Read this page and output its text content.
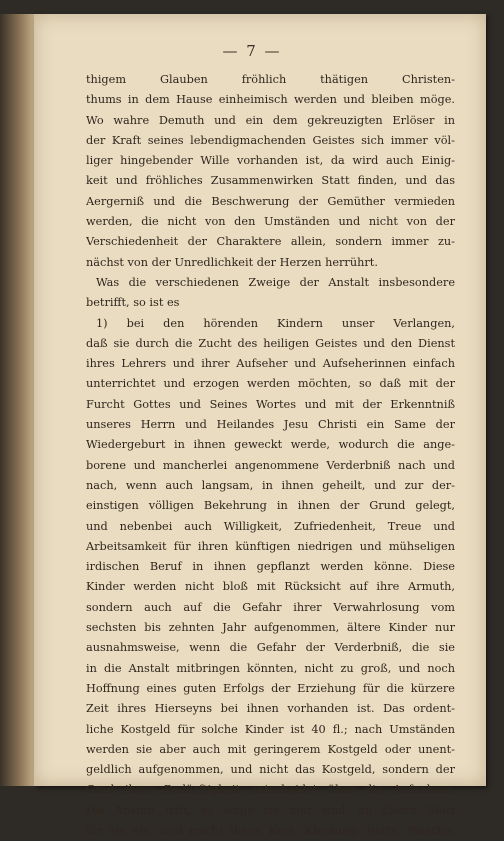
— 7 —
thigem Glauben fröhlich thätigen Christen-
thums in dem Hause einheimisch werden und bleiben möge.
Wo wahre Demuth und ein dem gekreuzigten Erlöser in
der Kraft seines lebendigmachenden Geistes sich immer völ-
liger hingebender Wille vorhanden ist, da wird auch Einig-
keit und fröhliches Zusammenwirken Statt finden, und das
Aergerniß und die Beschwerung der Gemüther vermieden
werden, die nicht von den Umständen und nicht von der
Verschiedenheit der Charaktere allein, sondern immer zu-
nächst von der Unredlichkeit der Herzen herrührt.
Was die verschiedenen Zweige der Anstalt insbesondere
betrifft, so ist es
1) bei den hörenden Kindern unser Verlangen,
daß sie durch die Zucht des heiligen Geistes und den Dienst
ihres Lehrers und ihrer Aufseher und Aufseherinnen einfach
unterrichtet und erzogen werden möchten, so daß mit der
Furcht Gottes und Seines Wortes und mit der Erkenntniß
unseres Herrn und Heilandes Jesu Christi ein Same der
Wiedergeburt in ihnen geweckt werde, wodurch die ange-
borene und mancherlei angenommene Verderbniß nach und
nach, wenn auch langsam, in ihnen geheilt, und zur der-
einstigen völligen Bekehrung in ihnen der Grund gelegt,
und nebenbei auch Willigkeit, Zufriedenheit, Treue und
Arbeitsamkeit für ihren künftigen niedrigen und mühseligen
irdischen Beruf in ihnen gepflanzt werden könne. Diese
Kinder werden nicht bloß mit Rücksicht auf ihre Armuth,
sondern auch auf die Gefahr ihrer Verwahrlosung vom
sechsten bis zehnten Jahr aufgenommen, ältere Kinder nur
ausnahmsweise, wenn die Gefahr der Verderbniß, die sie
in die Anstalt mitbringen könnten, nicht zu groß, und noch
Hoffnung eines guten Erfolgs der Erziehung für die kürzere
Zeit ihres Hierseyns bei ihnen vorhanden ist. Das ordent-
liche Kostgeld für solche Kinder ist 40 fl.; nach Umständen
werden sie aber auch mit geringerem Kostgeld oder unent-
geldlich aufgenommen, und nicht das Kostgeld, sondern der
Grad ihrer Bedürftigkeit entscheidet über die Aufnahme.
Die Anstalt tritt, so lange sie hier sind, an Eltern Statt
für sie ein, und reicht ihnen Kost, Kleidung, Bette, Wäsche,
